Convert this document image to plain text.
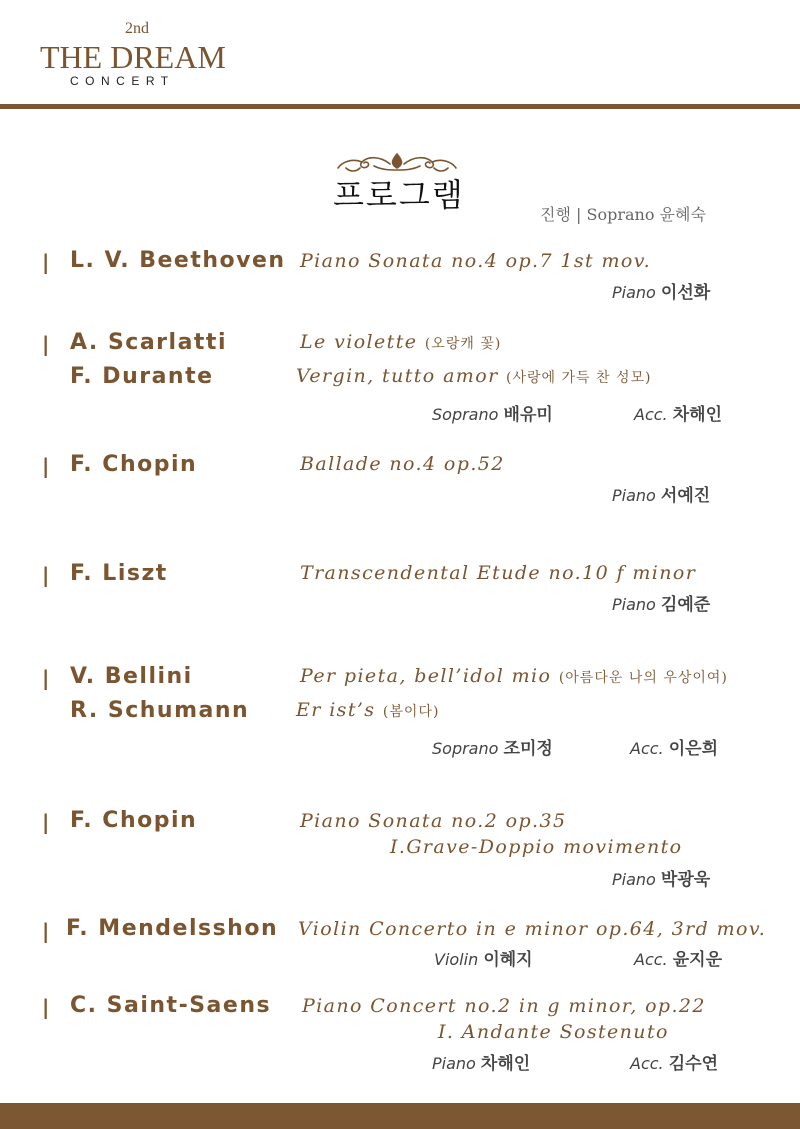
2nd
THE DREAM
CONCERT
프로그램
진행 | Soprano 윤혜숙
| L. V. Beethoven Piano Sonata no.4 op.7 1st mov.
Piano 이선화
| A. Scarlatti	Le violette (오랑캐 꽃)
F. Durante	Vergin, tutto amor (사랑에 가득 찬 성모)
Soprano 배유미	Acc. 차해인
| F. Chopin	Ballade no.4 op.52
Piano 서예진
| F. Liszt	Transcendental Etude no.10 f minor
Piano 김예준
| V. Bellini	Per pieta, bell’idol mio (아름다운 나의 우상이여)
R. Schumann Er ist’s (봄이다)
Soprano 조미정	Acc. 이은희
| F. Chopin	Piano Sonata no.2 op.35
I.Grave-Doppio movimento
Piano 박광욱
| F. Mendelsshon Violin Concerto in e minor op.64, 3rd mov.
Violin 이혜지	Acc. 윤지운
| C. Saint-Saens Piano Concert no.2 in g minor, op.22
I. Andante Sostenuto
Piano 차해인	Acc. 김수연
